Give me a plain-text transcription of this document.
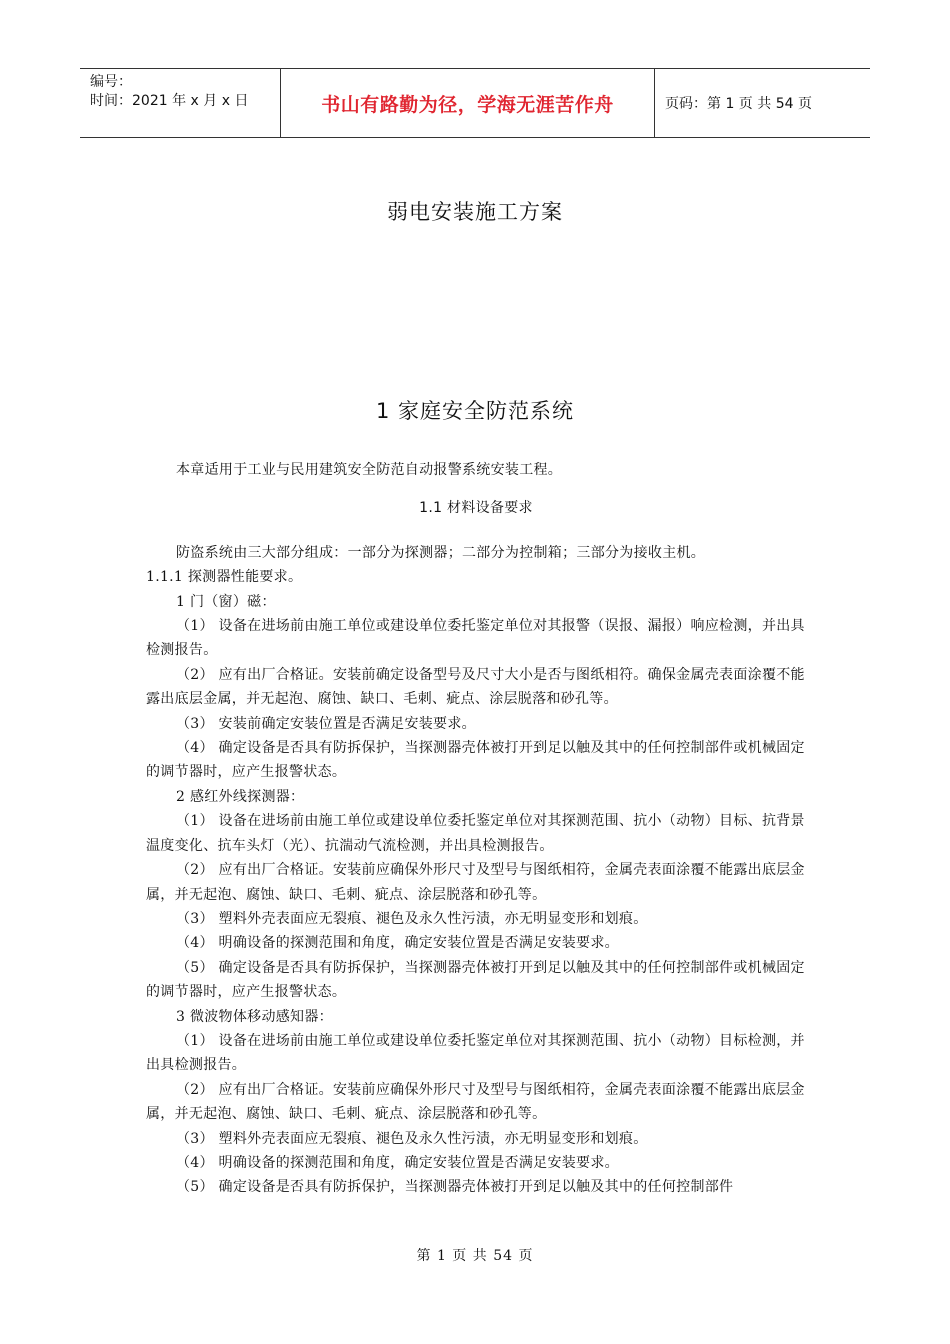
编号：
时间：2021 年 x 月 x 日	书山有路勤为径，学海无涯苦作舟	页码：第 1 页 共 54 页
弱电安装施工方案
1 家庭安全防范系统

本章适用于工业与民用建筑安全防范自动报警系统安装工程。

1.1 材料设备要求

防盗系统由三大部分组成：一部分为探测器；二部分为控制箱；三部分为接收主机。

1.1.1 探测器性能要求。

1 门（窗）磁：

（1） 设备在进场前由施工单位或建设单位委托鉴定单位对其报警（误报、漏报）响应检测，并出具检测报告。

（2） 应有出厂合格证。安装前确定设备型号及尺寸大小是否与图纸相符。确保金属壳表面涂覆不能露出底层金属，并无起泡、腐蚀、缺口、毛刺、疵点、涂层脱落和砂孔等。

（3） 安装前确定安装位置是否满足安装要求。

（4） 确定设备是否具有防拆保护，当探测器壳体被打开到足以触及其中的任何控制部件或机械固定的调节器时，应产生报警状态。

2 感红外线探测器：

（1） 设备在进场前由施工单位或建设单位委托鉴定单位对其探测范围、抗小（动物）目标、抗背景温度变化、抗车头灯（光）、抗湍动气流检测，并出具检测报告。

（2） 应有出厂合格证。安装前应确保外形尺寸及型号与图纸相符，金属壳表面涂覆不能露出底层金属，并无起泡、腐蚀、缺口、毛刺、疵点、涂层脱落和砂孔等。

（3） 塑料外壳表面应无裂痕、褪色及永久性污渍，亦无明显变形和划痕。

（4） 明确设备的探测范围和角度，确定安装位置是否满足安装要求。

（5） 确定设备是否具有防拆保护，当探测器壳体被打开到足以触及其中的任何控制部件或机械固定的调节器时，应产生报警状态。

3 微波物体移动感知器：

（1） 设备在进场前由施工单位或建设单位委托鉴定单位对其探测范围、抗小（动物）目标检测，并出具检测报告。

（2） 应有出厂合格证。安装前应确保外形尺寸及型号与图纸相符，金属壳表面涂覆不能露出底层金属，并无起泡、腐蚀、缺口、毛刺、疵点、涂层脱落和砂孔等。

（3） 塑料外壳表面应无裂痕、褪色及永久性污渍，亦无明显变形和划痕。

（4） 明确设备的探测范围和角度，确定安装位置是否满足安装要求。

（5） 确定设备是否具有防拆保护，当探测器壳体被打开到足以触及其中的任何控制部件

第 1 页 共 54 页
